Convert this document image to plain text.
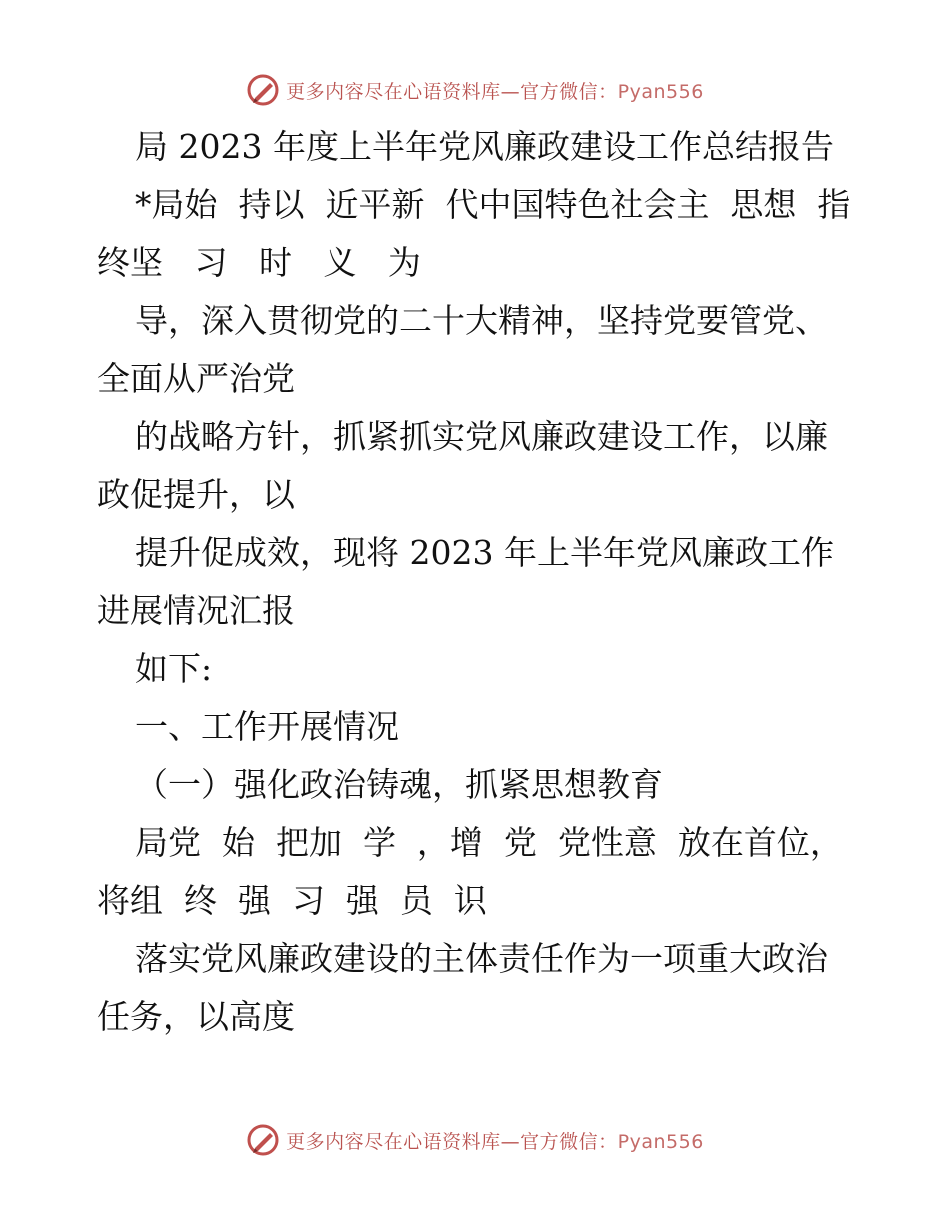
更多内容尽在心语资料库—官方微信：Pyan556
局 2023 年度上半年党风廉政建设工作总结报告
*局始  持以  近平新  代中国特色社会主  思想  指
终坚   习   时   义   为
导，深入贯彻党的二十大精神，坚持党要管党、
全面从严治党
的战略方针，抓紧抓实党风廉政建设工作，以廉
政促提升，以
提升促成效，现将 2023 年上半年党风廉政工作
进展情况汇报
如下:
一、工作开展情况
（一）强化政治铸魂，抓紧思想教育
局党  始  把加  学  ，增  党  党性意  放在首位，
将组  终  强  习  强  员  识
落实党风廉政建设的主体责任作为一项重大政治
任务，以高度
更多内容尽在心语资料库—官方微信：Pyan556
